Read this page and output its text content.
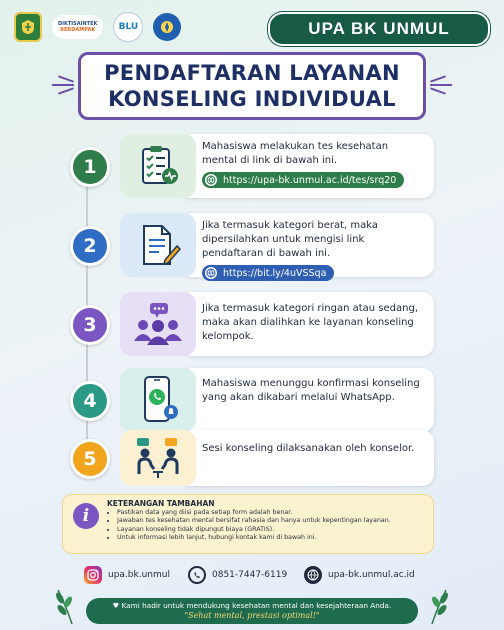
DIKTISAINTEK
BERDAMPAK	BLU	UPA BK UNMUL
PENDAFTARAN LAYANAN
KONSELING INDIVIDUAL
1

Mahasiswa melakukan tes kesehatan mental di link di bawah ini.

https://upa-bk.unmul.ac.id/tes/srq20
2

Jika termasuk kategori berat, maka dipersilahkan untuk mengisi link pendaftaran di bawah ini.

https://bit.ly/4uVSSqa
3

Jika termasuk kategori ringan atau sedang, maka akan dialihkan ke layanan konseling kelompok.

4

Mahasiswa menunggu konfirmasi konseling yang akan dikabari melalui WhatsApp.

5	Sesi konseling dilaksanakan oleh konselor.

i
KETERANGAN TAMBAHAN
• Pastikan data yang diisi pada setiap form adalah benar.
• Jawaban tes kesehatan mental bersifat rahasia dan hanya untuk kepentingan layanan.
• Layanan konseling tidak dipungut biaya (GRATIS).
• Untuk informasi lebih lanjut, hubungi kontak kami di bawah ini.
upa.bk.unmul	0851-7447-6119	upa-bk.unmul.ac.id
♥ Kami hadir untuk mendukung kesehatan mental dan kesejahteraan Anda.
"Sehat mental, prestasi optimal!"
